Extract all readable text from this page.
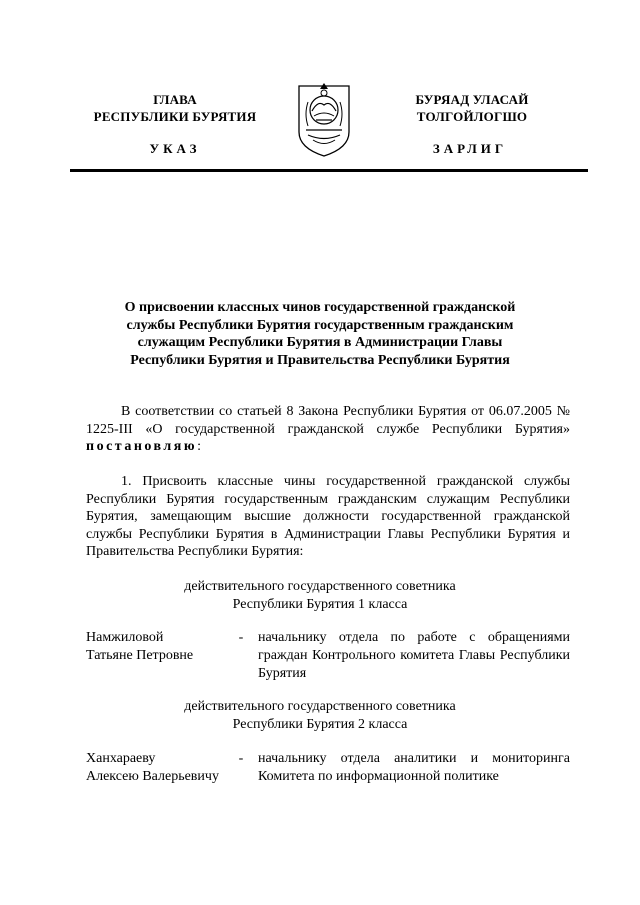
ГЛАВА
РЕСПУБЛИКИ БУРЯТИЯ
БУРЯАД УЛАСАЙ
ТОЛГОЙЛОГШО
УКАЗ	ЗАРЛИГ
О присвоении классных чинов государственной гражданской службы Республики Бурятия государственным гражданским служащим Республики Бурятия в Администрации Главы Республики Бурятия и Правительства Республики Бурятия
В соответствии со статьей 8 Закона Республики Бурятия от 06.07.2005 № 1225-III «О государственной гражданской службе Республики Бурятия» постановляю:
1. Присвоить классные чины государственной гражданской службы Республики Бурятия государственным гражданским служащим Республики Бурятия, замещающим высшие должности государственной гражданской службы Республики Бурятия в Администрации Главы Республики Бурятия и Правительства Республики Бурятия:
действительного государственного советника
Республики Бурятия 1 класса
Намжиловой
Татьяне Петровне
-	начальнику отдела по работе с обращениями граждан Контрольного комитета Главы Республики Бурятия
действительного государственного советника
Республики Бурятия 2 класса
Ханхараеву
Алексею Валерьевичу
-	начальнику отдела аналитики и мониторинга Комитета по информационной политике
